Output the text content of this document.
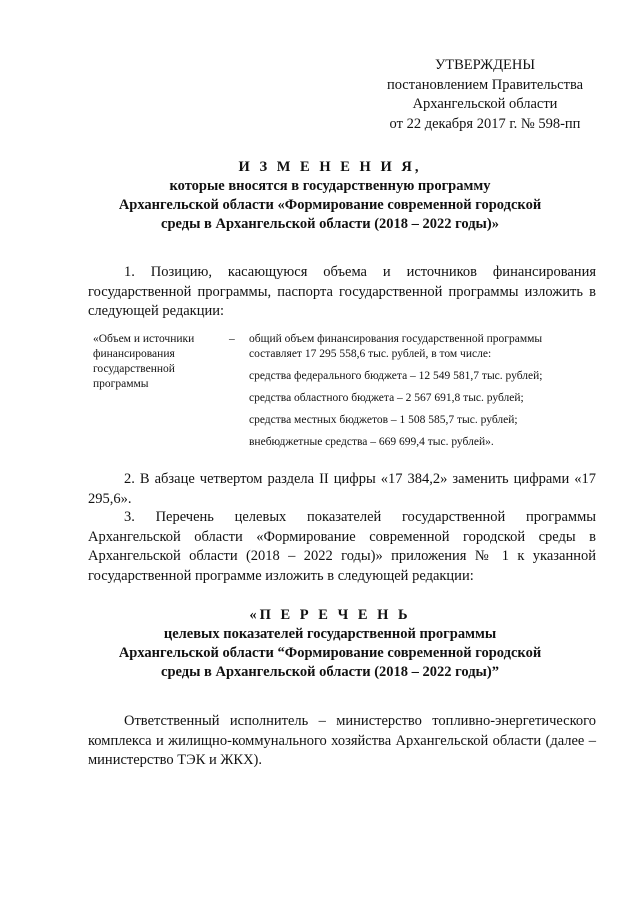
УТВЕРЖДЕНЫ
постановлением Правительства
Архангельской области
от 22 декабря 2017 г. № 598-пп
И З М Е Н Е Н И Я,
которые вносятся в государственную программу
Архангельской области «Формирование современной городской
среды в Архангельской области (2018 – 2022 годы)»
1. Позицию, касающуюся объема и источников финансирования государственной программы, паспорта государственной программы изложить в следующей редакции:
«Объем и источники
финансирования
государственной
программы
– общий объем финансирования государственной программы
составляет 17 295 558,6 тыс. рублей, в том числе:
средства федерального бюджета – 12 549 581,7 тыс. рублей;
средства областного бюджета – 2 567 691,8 тыс. рублей;
средства местных бюджетов – 1 508 585,7 тыс. рублей;
внебюджетные средства – 669 699,4 тыс. рублей».
2. В абзаце четвертом раздела II цифры «17 384,2» заменить цифрами «17 295,6».
3. Перечень целевых показателей государственной программы Архангельской области «Формирование современной городской среды в Архангельской области (2018 – 2022 годы)» приложения № 1 к указанной государственной программе изложить в следующей редакции:
«П Е Р Е Ч Е Н Ь
целевых показателей государственной программы
Архангельской области “Формирование современной городской
среды в Архангельской области (2018 – 2022 годы)”
Ответственный исполнитель – министерство топливно-энергетического комплекса и жилищно-коммунального хозяйства Архангельской области (далее – министерство ТЭК и ЖКХ).
